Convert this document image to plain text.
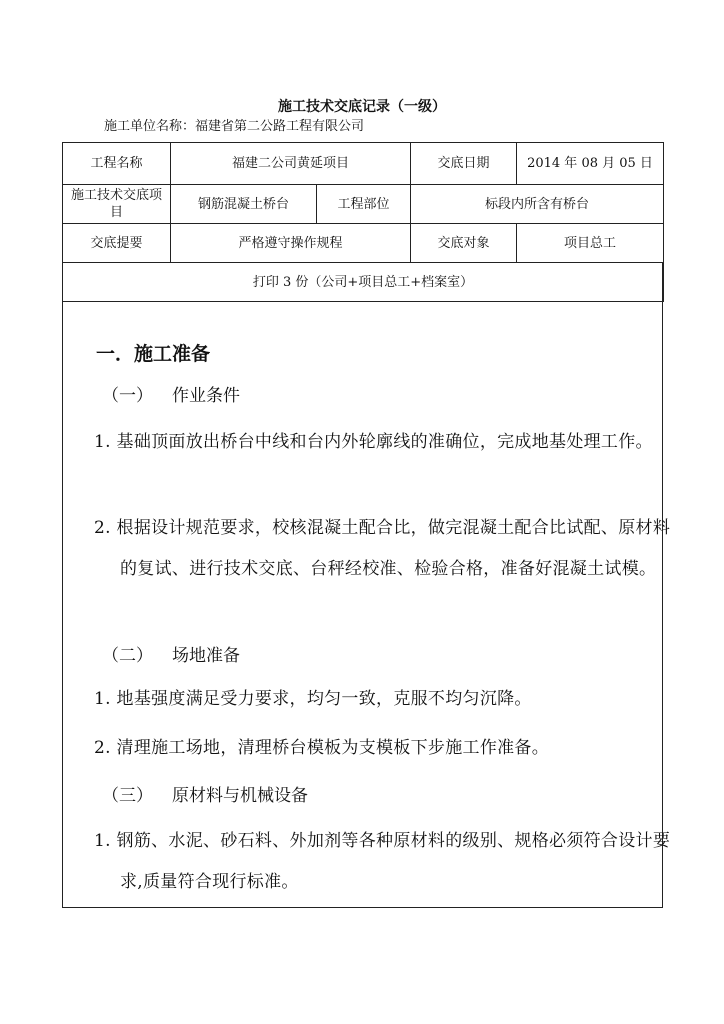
施工技术交底记录（一级）
施工单位名称：福建省第二公路工程有限公司
工程名称	福建二公司黄延项目		交底日期	2014 年 08 月 05 日
施工技术交底项目	钢筋混凝土桥台	工程部位	标段内所含有桥台	
交底提要	严格遵守操作规程		交底对象	项目总工
打印 3 份（公司+项目总工+档案室）				
一．施工准备
（一） 作业条件
1. 基础顶面放出桥台中线和台内外轮廓线的准确位，完成地基处理工作。
2. 根据设计规范要求，校核混凝土配合比，做完混凝土配合比试配、原材料的复试、进行技术交底、台秤经校准、检验合格，准备好混凝土试模。
（二） 场地准备
1. 地基强度满足受力要求，均匀一致，克服不均匀沉降。
2. 清理施工场地，清理桥台模板为支模板下步施工作准备。
（三） 原材料与机械设备
1. 钢筋、水泥、砂石料、外加剂等各种原材料的级别、规格必须符合设计要求,质量符合现行标准。
